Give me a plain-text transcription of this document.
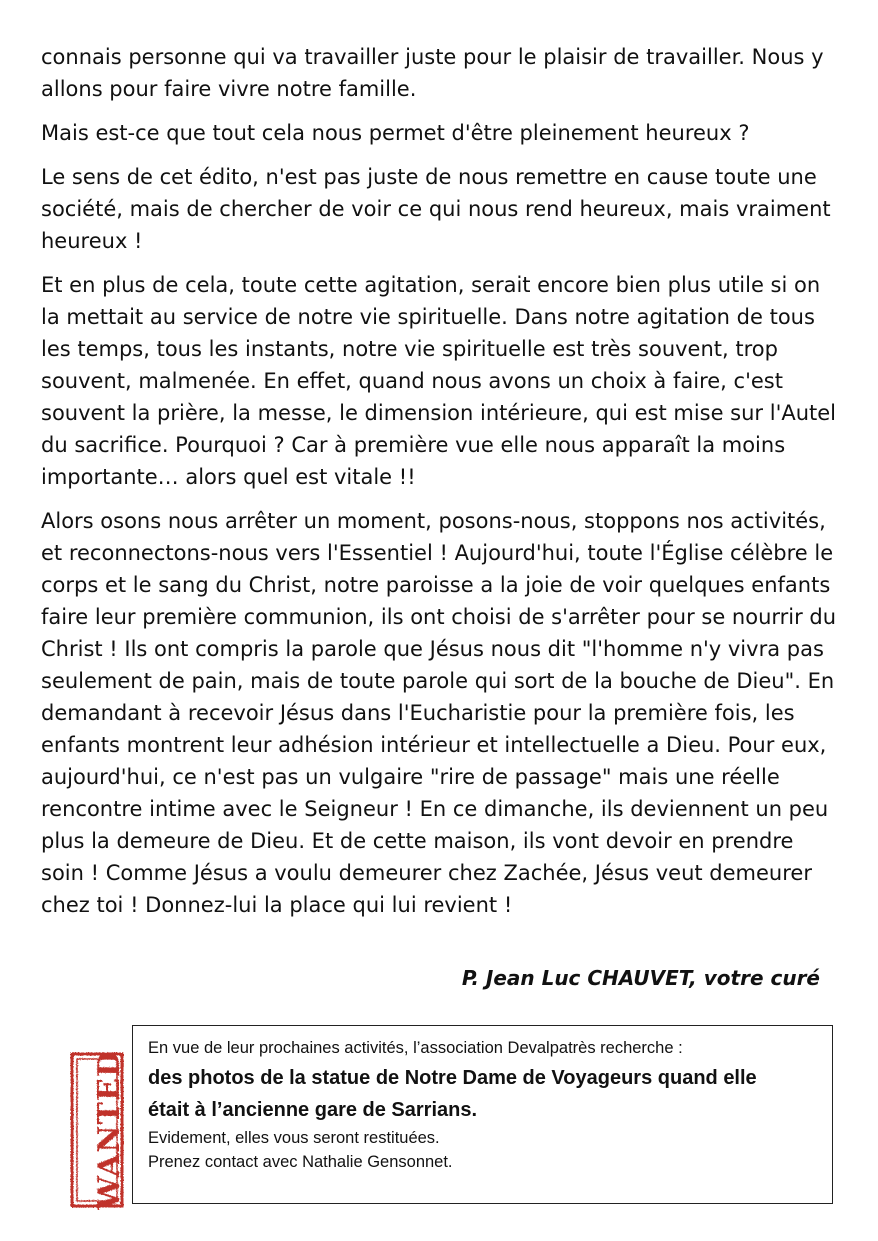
connais personne qui va travailler juste pour le plaisir de travailler. Nous y allons pour faire vivre notre famille.

Mais est-ce que tout cela nous permet d'être pleinement heureux ?

Le sens de cet édito, n'est pas juste de nous remettre en cause toute une société, mais de chercher de voir ce qui nous rend heureux, mais vraiment heureux !

Et en plus de cela, toute cette agitation, serait encore bien plus utile si on la mettait au service de notre vie spirituelle. Dans notre agitation de tous les temps, tous les instants, notre vie spirituelle est très souvent, trop souvent, malmenée. En effet, quand nous avons un choix à faire, c'est souvent la prière, la messe, le dimension intérieure, qui est mise sur l'Autel du sacrifice. Pourquoi ? Car à première vue elle nous apparaît la moins importante… alors quel est vitale !!

Alors osons nous arrêter un moment, posons-nous, stoppons nos activités, et reconnectons-nous vers l'Essentiel ! Aujourd'hui, toute l'Église célèbre le corps et le sang du Christ, notre paroisse a la joie de voir quelques enfants faire leur première communion, ils ont choisi de s'arrêter pour se nourrir du Christ ! Ils ont compris la parole que Jésus nous dit "l'homme n'y vivra pas seulement de pain, mais de toute parole qui sort de la bouche de Dieu". En demandant à recevoir Jésus dans l'Eucharistie pour la première fois, les enfants montrent leur adhésion intérieur et intellectuelle a Dieu. Pour eux, aujourd'hui, ce n'est pas un vulgaire "rire de passage" mais une réelle rencontre intime avec le Seigneur ! En ce dimanche, ils deviennent un peu plus la demeure de Dieu. Et de cette maison, ils vont devoir en prendre soin ! Comme Jésus a voulu demeurer chez Zachée, Jésus veut demeurer chez toi ! Donnez-lui la place qui lui revient !

P. Jean Luc CHAUVET, votre curé
WANTED
En vue de leur prochaines activités, l’association Devalpatrès recherche :
des photos de la statue de Notre Dame de Voyageurs quand elle
était à l’ancienne gare de Sarrians.
Evidement, elles vous seront restituées.
Prenez contact avec Nathalie Gensonnet.
